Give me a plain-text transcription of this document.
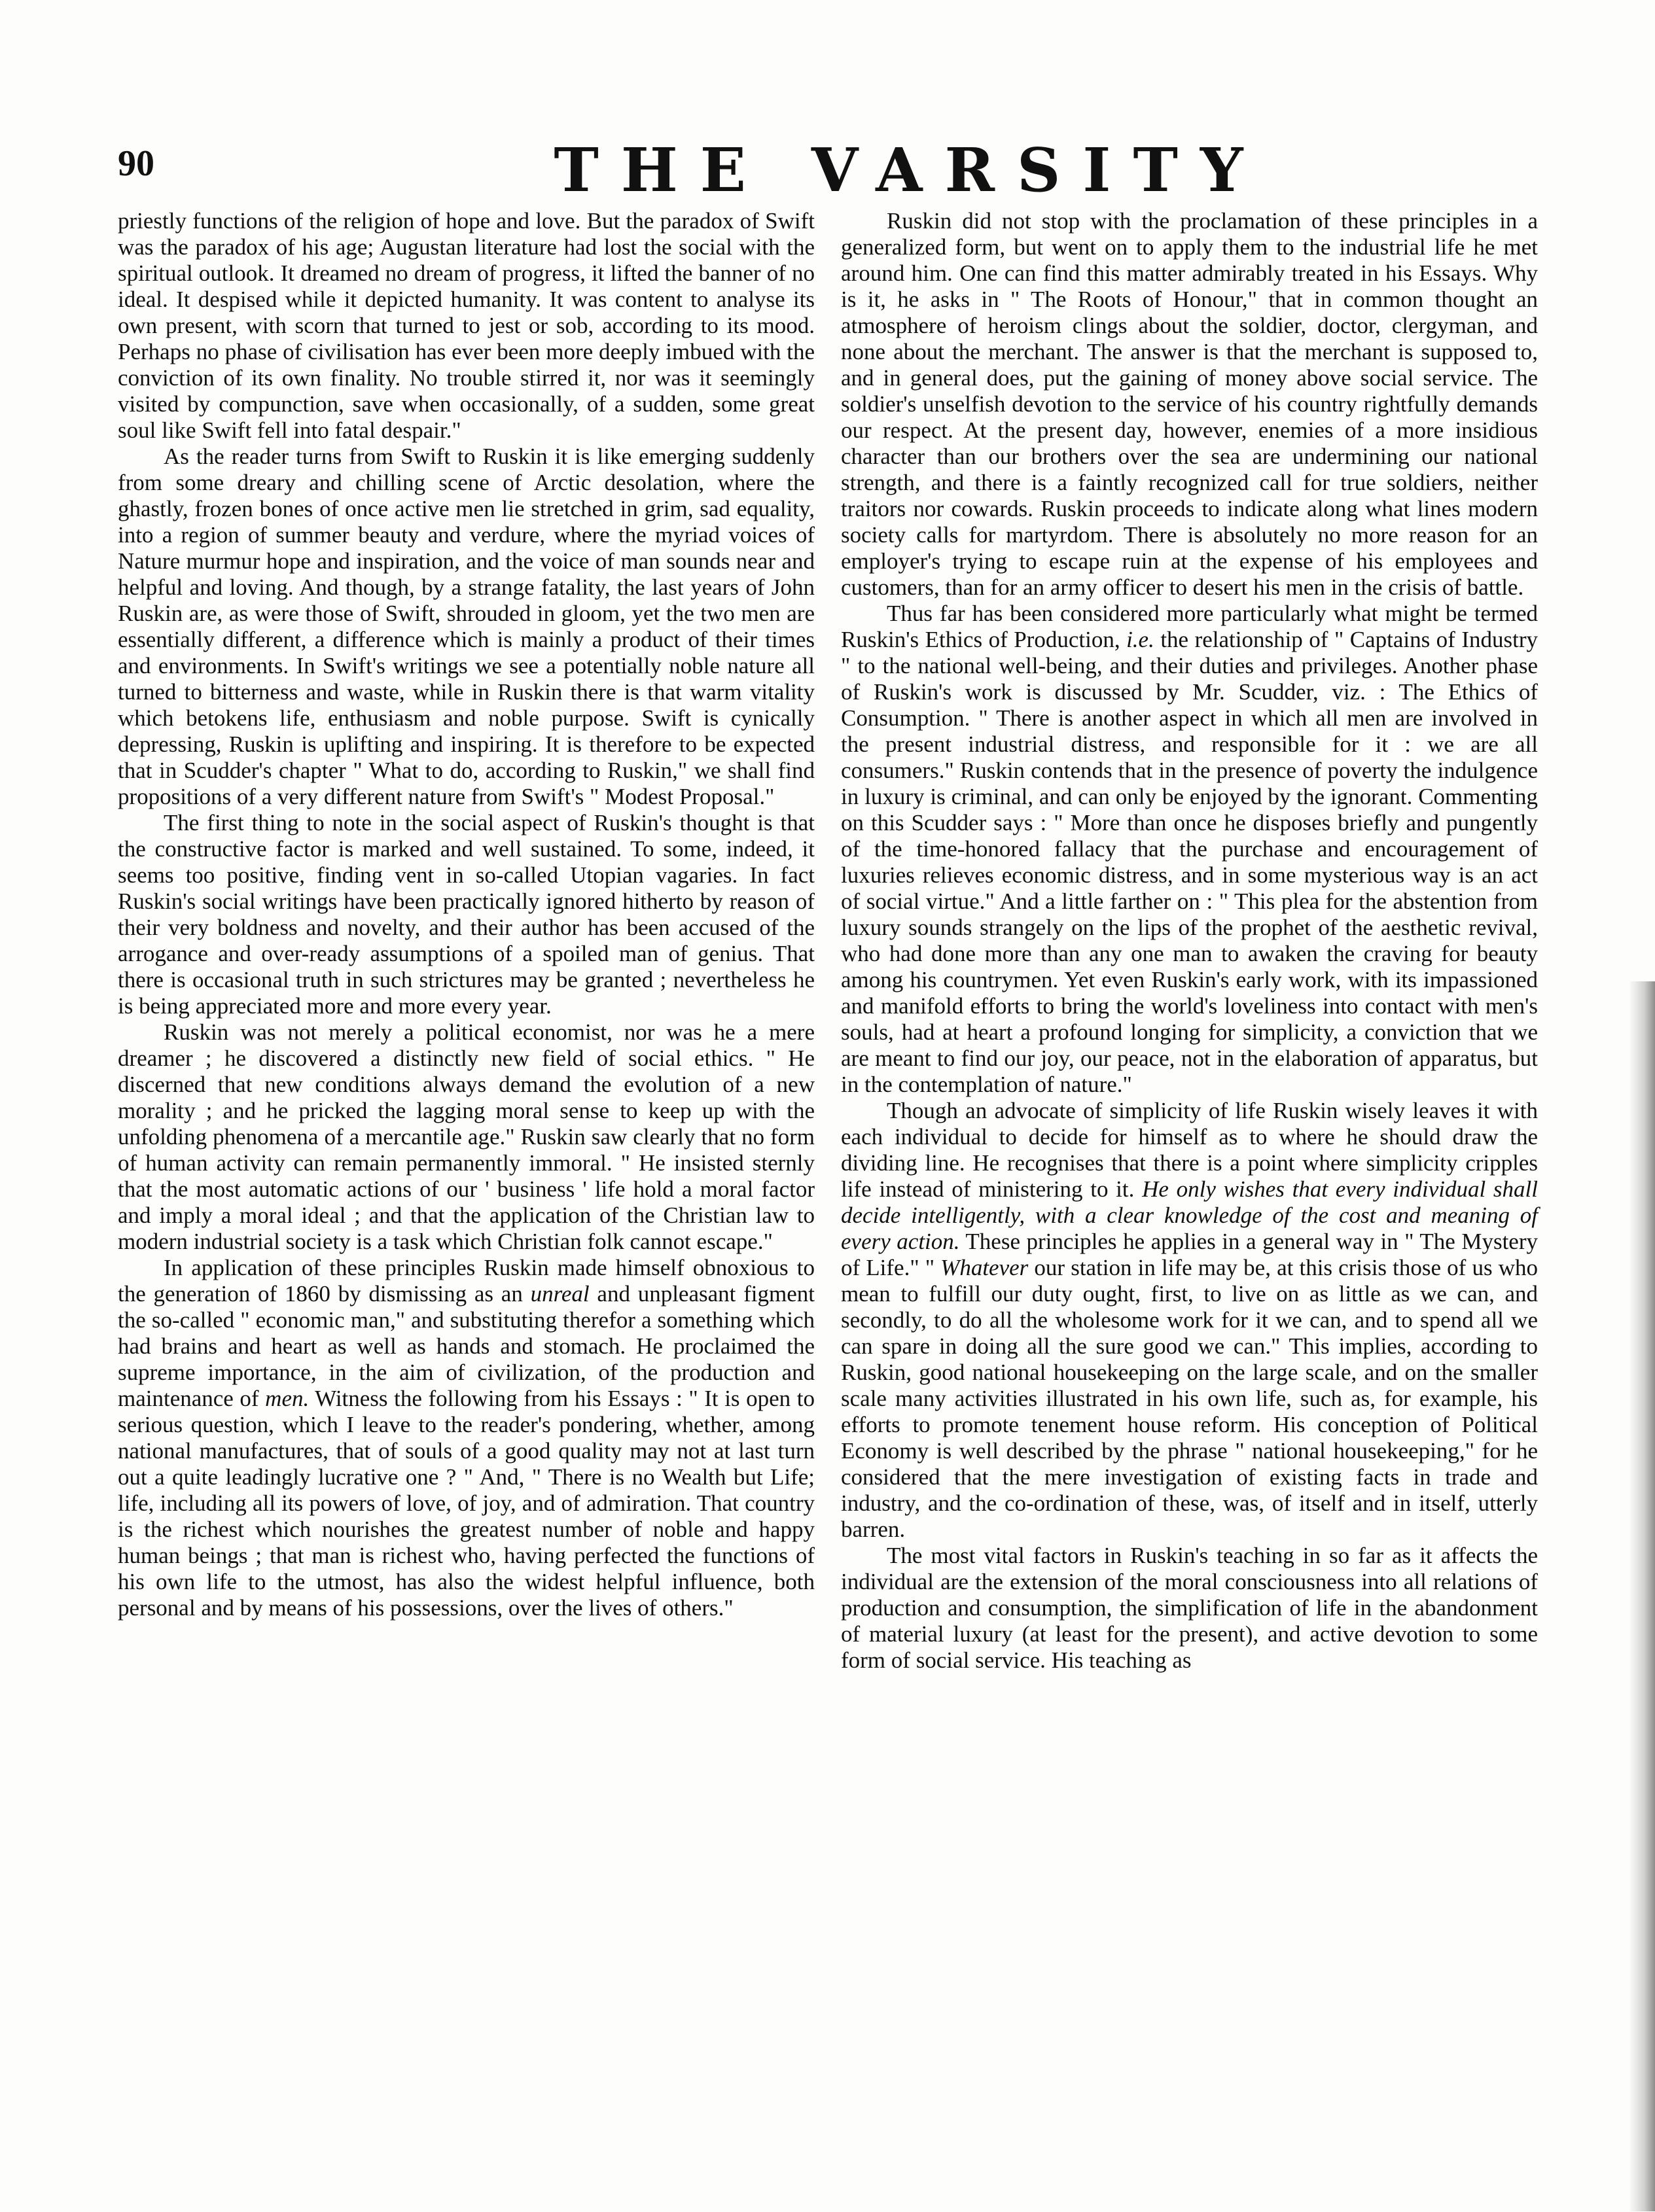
90	THE VARSITY

priestly functions of the religion of hope and love. But the paradox of Swift was the paradox of his age; Augustan literature had lost the social with the spiritual outlook. It dreamed no dream of progress, it lifted the banner of no ideal. It despised while it depicted humanity. It was content to analyse its own present, with scorn that turned to jest or sob, according to its mood. Perhaps no phase of civilisation has ever been more deeply imbued with the conviction of its own finality. No trouble stirred it, nor was it seemingly visited by compunction, save when occasionally, of a sudden, some great soul like Swift fell into fatal despair."

As the reader turns from Swift to Ruskin it is like emerging suddenly from some dreary and chilling scene of Arctic desolation, where the ghastly, frozen bones of once active men lie stretched in grim, sad equality, into a region of summer beauty and verdure, where the myriad voices of Nature murmur hope and inspiration, and the voice of man sounds near and helpful and loving. And though, by a strange fatality, the last years of John Ruskin are, as were those of Swift, shrouded in gloom, yet the two men are essentially different, a difference which is mainly a product of their times and environments. In Swift's writings we see a potentially noble nature all turned to bitterness and waste, while in Ruskin there is that warm vitality which betokens life, enthusiasm and noble purpose. Swift is cynically depressing, Ruskin is uplifting and inspiring. It is therefore to be expected that in Scudder's chapter " What to do, according to Ruskin," we shall find propositions of a very different nature from Swift's " Modest Proposal."

The first thing to note in the social aspect of Ruskin's thought is that the constructive factor is marked and well sustained. To some, indeed, it seems too positive, finding vent in so-called Utopian vagaries. In fact Ruskin's social writings have been practically ignored hitherto by reason of their very boldness and novelty, and their author has been accused of the arrogance and over-ready assumptions of a spoiled man of genius. That there is occasional truth in such strictures may be granted ; nevertheless he is being appreciated more and more every year.

Ruskin was not merely a political economist, nor was he a mere dreamer ; he discovered a distinctly new field of social ethics. " He discerned that new conditions always demand the evolution of a new morality ; and he pricked the lagging moral sense to keep up with the unfolding phenomena of a mercantile age." Ruskin saw clearly that no form of human activity can remain permanently immoral. " He insisted sternly that the most automatic actions of our ' business ' life hold a moral factor and imply a moral ideal ; and that the application of the Christian law to modern industrial society is a task which Christian folk cannot escape."

In application of these principles Ruskin made himself obnoxious to the generation of 1860 by dismissing as an unreal and unpleasant figment the so-called " economic man," and substituting therefor a something which had brains and heart as well as hands and stomach. He proclaimed the supreme importance, in the aim of civilization, of the production and maintenance of men. Witness the following from his Essays : " It is open to serious question, which I leave to the reader's pondering, whether, among national manufactures, that of souls of a good quality may not at last turn out a quite leadingly lucrative one ? " And, " There is no Wealth but Life; life, including all its powers of love, of joy, and of admiration. That country is the richest which nourishes the greatest number of noble and happy human beings ; that man is richest who, having perfected the functions of his own life to the utmost, has also the widest helpful influence, both personal and by means of his possessions, over the lives of others."

Ruskin did not stop with the proclamation of these principles in a generalized form, but went on to apply them to the industrial life he met around him. One can find this matter admirably treated in his Essays. Why is it, he asks in " The Roots of Honour," that in common thought an atmosphere of heroism clings about the soldier, doctor, clergyman, and none about the merchant. The answer is that the merchant is supposed to, and in general does, put the gaining of money above social service. The soldier's unselfish devotion to the service of his country rightfully demands our respect. At the present day, however, enemies of a more insidious character than our brothers over the sea are undermining our national strength, and there is a faintly recognized call for true soldiers, neither traitors nor cowards. Ruskin proceeds to indicate along what lines modern society calls for martyrdom. There is absolutely no more reason for an employer's trying to escape ruin at the expense of his employees and customers, than for an army officer to desert his men in the crisis of battle.

Thus far has been considered more particularly what might be termed Ruskin's Ethics of Production, i.e. the relationship of " Captains of Industry " to the national well-being, and their duties and privileges. Another phase of Ruskin's work is discussed by Mr. Scudder, viz. : The Ethics of Consumption. " There is another aspect in which all men are involved in the present industrial distress, and responsible for it : we are all consumers." Ruskin contends that in the presence of poverty the indulgence in luxury is criminal, and can only be enjoyed by the ignorant. Commenting on this Scudder says : " More than once he disposes briefly and pungently of the time-honored fallacy that the purchase and encouragement of luxuries relieves economic distress, and in some mysterious way is an act of social virtue." And a little farther on : " This plea for the abstention from luxury sounds strangely on the lips of the prophet of the aesthetic revival, who had done more than any one man to awaken the craving for beauty among his countrymen. Yet even Ruskin's early work, with its impassioned and manifold efforts to bring the world's loveliness into contact with men's souls, had at heart a profound longing for simplicity, a conviction that we are meant to find our joy, our peace, not in the elaboration of apparatus, but in the contemplation of nature."

Though an advocate of simplicity of life Ruskin wisely leaves it with each individual to decide for himself as to where he should draw the dividing line. He recognises that there is a point where simplicity cripples life instead of ministering to it. He only wishes that every individual shall decide intelligently, with a clear knowledge of the cost and meaning of every action. These principles he applies in a general way in " The Mystery of Life." " Whatever our station in life may be, at this crisis those of us who mean to fulfill our duty ought, first, to live on as little as we can, and secondly, to do all the wholesome work for it we can, and to spend all we can spare in doing all the sure good we can." This implies, according to Ruskin, good national housekeeping on the large scale, and on the smaller scale many activities illustrated in his own life, such as, for example, his efforts to promote tenement house reform. His conception of Political Economy is well described by the phrase " national housekeeping," for he considered that the mere investigation of existing facts in trade and industry, and the co-ordination of these, was, of itself and in itself, utterly barren.

The most vital factors in Ruskin's teaching in so far as it affects the individual are the extension of the moral consciousness into all relations of production and consumption, the simplification of life in the abandonment of material luxury (at least for the present), and active devotion to some form of social service. His teaching as
